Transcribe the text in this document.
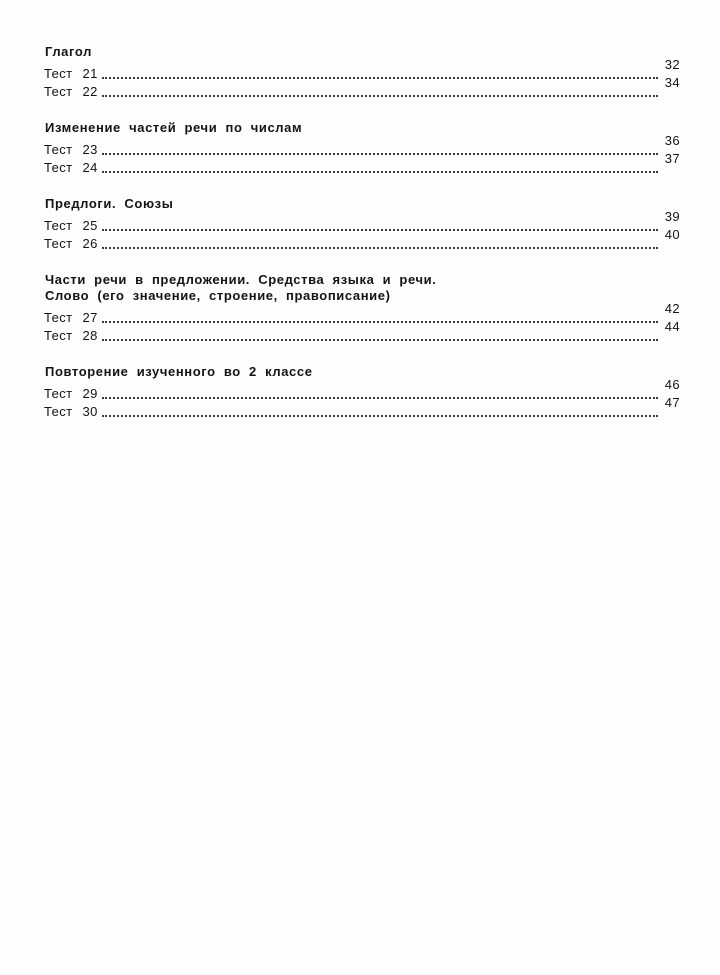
Глагол
Тест 21
32
Тест 22
34
Изменение частей речи по числам
Тест 23
36
Тест 24
37
Предлоги. Союзы
Тест 25
39
Тест 26
40
Части речи в предложении. Средства языка и речи.
Слово (его значение, строение, правописание)
Тест 27
42
Тест 28
44
Повторение изученного во 2 классе
Тест 29
46
Тест 30
47
